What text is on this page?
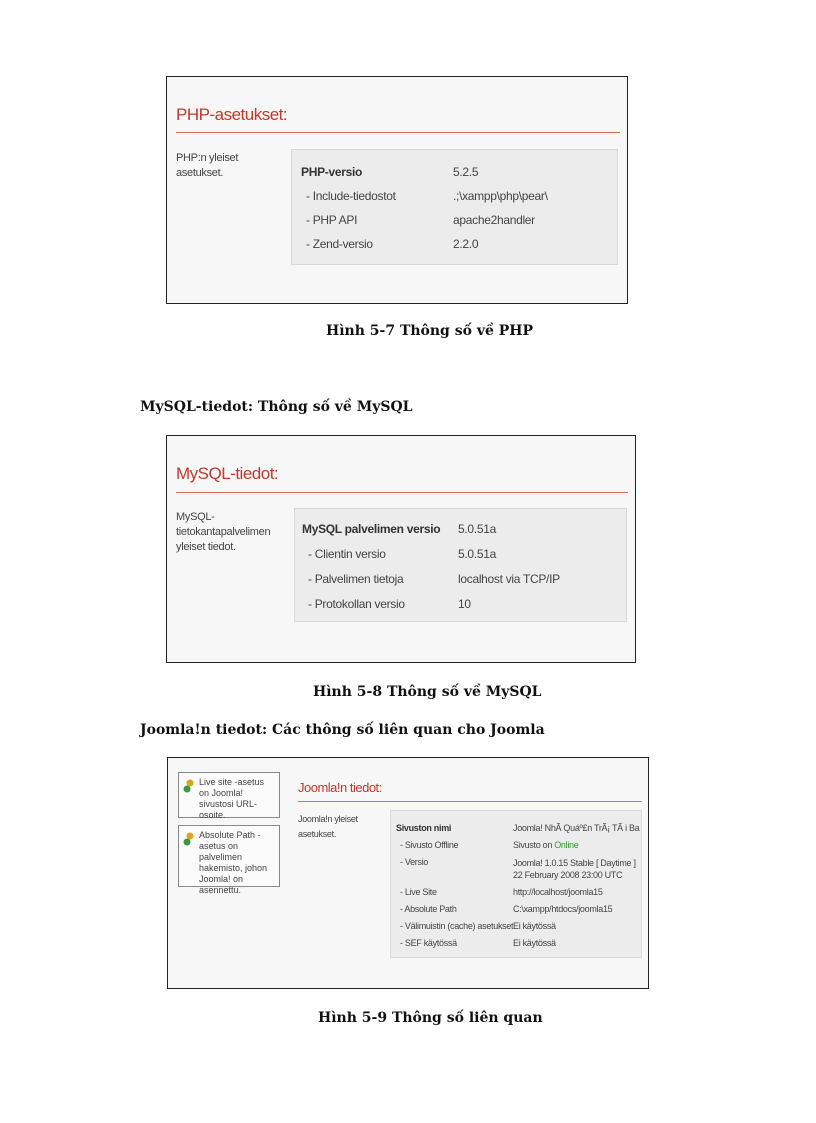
PHP-asetukset:
PHP:n yleiset asetukset.	PHP-versio	5.2.5
- Include-tiedostot	.;\xampp\php\pear\
- PHP API	apache2handler
- Zend-versio	2.2.0
Hình 5-7 Thông số về PHP
MySQL-tiedot: Thông số về MySQL
MySQL-tiedot:
MySQL-tietokantapalvelimen yleiset tiedot.
MySQL palvelimen versio 5.0.51a
- Clientin versio	5.0.51a
- Palvelimen tietoja	localhost via TCP/IP
- Protokollan versio	10
Hình 5-8 Thông số về MySQL
Joomla!n tiedot: Các thông số liên quan cho Joomla
Live site -asetus on Joomla! sivustosi URL-osoite.
Absolute Path -asetus on palvelimen hakemisto, johon Joomla! on asennettu.
Joomla!n tiedot:
Joomla!n yleiset asetukset.
Sivuston nimi	Joomla! NhÃ Quáº£n TrÃ¡ TÃ i Ba
- Sivusto Offline	Sivusto on Online
- Versio	Joomla! 1.0.15 Stable [ Daytime ] 22 February 2008 23:00 UTC
- Live Site	http://localhost/joomla15
- Absolute Path	C:\xampp/htdocs/joomla15
- Välimuistin (cache) asetukset Ei käytössä
- SEF käytössä	Ei käytössä
Hình 5-9 Thông số liên quan
